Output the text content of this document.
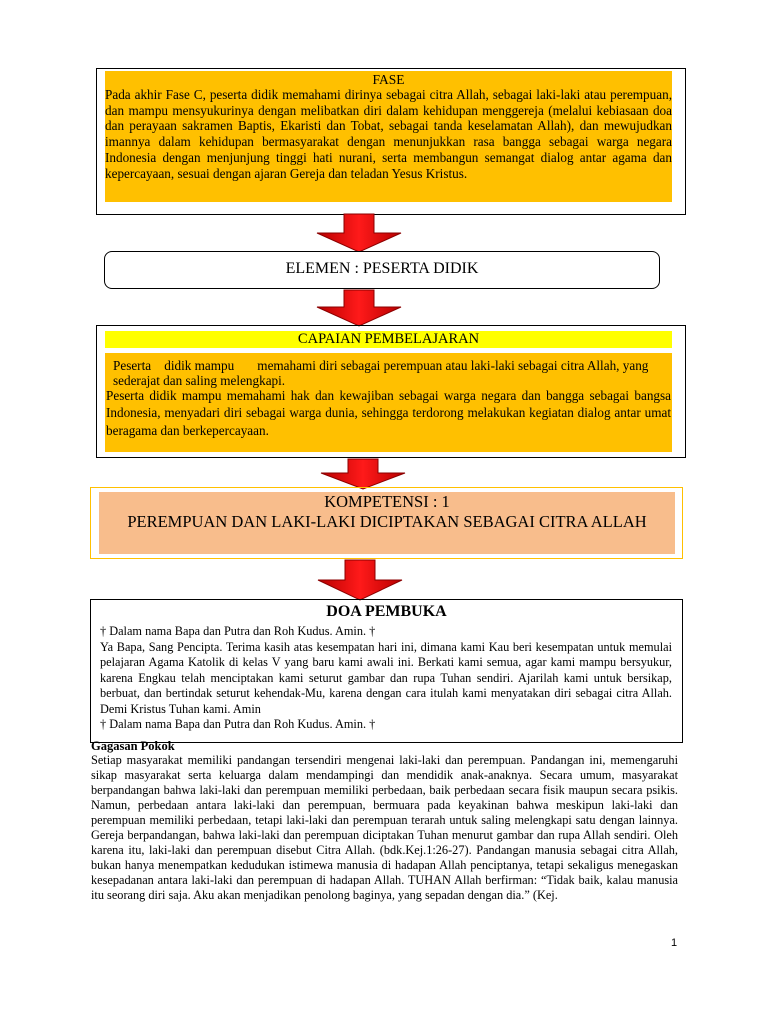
FASE
Pada akhir Fase C, peserta didik memahami dirinya sebagai citra Allah, sebagai laki-laki atau perempuan, dan mampu mensyukurinya dengan melibatkan diri dalam kehidupan menggereja (melalui kebiasaan doa dan perayaan sakramen Baptis, Ekaristi dan Tobat, sebagai tanda keselamatan Allah), dan mewujudkan imannya dalam kehidupan bermasyarakat dengan menunjukkan rasa bangga sebagai warga negara Indonesia dengan menjunjung tinggi hati nurani, serta membangun semangat dialog antar agama dan kepercayaan, sesuai dengan ajaran Gereja dan teladan Yesus Kristus.
ELEMEN : PESERTA DIDIK
CAPAIAN PEMBELAJARAN
Peserta    didik mampu       memahami diri sebagai perempuan atau laki-laki sebagai citra Allah, yang sederajat dan saling melengkapi.
Peserta didik mampu memahami hak dan kewajiban sebagai warga negara dan bangga sebagai bangsa Indonesia, menyadari diri sebagai warga dunia, sehingga terdorong melakukan kegiatan dialog antar umat beragama dan berkepercayaan.
KOMPETENSI : 1
PEREMPUAN DAN LAKI-LAKI DICIPTAKAN SEBAGAI CITRA ALLAH
DOA PEMBUKA

† Dalam nama Bapa dan Putra dan Roh Kudus. Amin. †

Ya Bapa, Sang Pencipta. Terima kasih atas kesempatan hari ini, dimana kami Kau beri kesempatan untuk memulai pelajaran Agama Katolik di kelas V yang baru kami awali ini. Berkati kami semua, agar kami mampu bersyukur, karena Engkau telah menciptakan kami seturut gambar dan rupa Tuhan sendiri. Ajarilah kami untuk bersikap, berbuat, dan bertindak seturut kehendak-Mu, karena dengan cara itulah kami menyatakan diri sebagai citra Allah. Demi Kristus Tuhan kami. Amin

† Dalam nama Bapa dan Putra dan Roh Kudus. Amin. †

Gagasan Pokok
Setiap masyarakat memiliki pandangan tersendiri mengenai laki-laki dan perempuan. Pandangan ini, memengaruhi sikap masyarakat serta keluarga dalam mendampingi dan mendidik anak-anaknya. Secara umum, masyarakat berpandangan bahwa laki-laki dan perempuan memiliki perbedaan, baik perbedaan secara fisik maupun secara psikis. Namun, perbedaan antara laki-laki dan perempuan, bermuara pada keyakinan bahwa meskipun laki-laki dan perempuan memiliki perbedaan, tetapi laki-laki dan perempuan terarah untuk saling melengkapi satu dengan lainnya. Gereja berpandangan, bahwa laki-laki dan perempuan diciptakan Tuhan menurut gambar dan rupa Allah sendiri. Oleh karena itu, laki-laki dan perempuan disebut Citra Allah. (bdk.Kej.1:26-27). Pandangan manusia sebagai citra Allah, bukan hanya menempatkan kedudukan istimewa manusia di hadapan Allah penciptanya, tetapi sekaligus menegaskan kesepadanan antara laki-laki dan perempuan di hadapan Allah. TUHAN Allah berfirman: “Tidak baik, kalau manusia itu seorang diri saja. Aku akan menjadikan penolong baginya, yang sepadan dengan dia.” (Kej.
1
